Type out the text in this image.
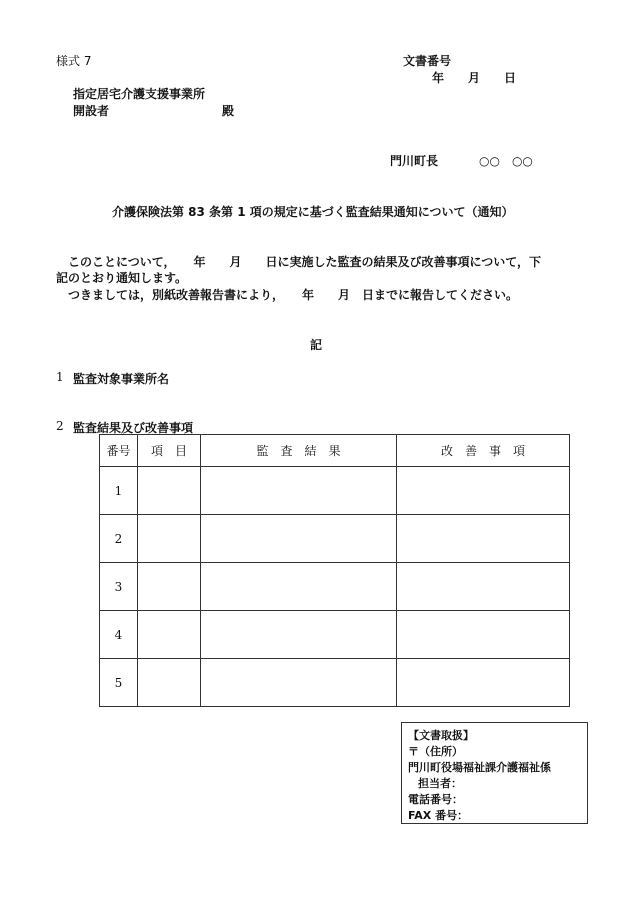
様式 7	文書番号
年　　月　　日
指定居宅介護支援事業所
開設者	殿
門川町長	○○　○○
介護保険法第 83 条第 1 項の規定に基づく監査結果通知について（通知）
このことについて，　　年　　月　　日に実施した監査の結果及び改善事項について，下
記のとおり通知します。
つきましては，別紙改善報告書により，　　年　　月　日までに報告してください。
記
1 監査対象事業所名
2 監査結果及び改善事項
番号	項　目	監　査　結　果	改　善　事　項
1			
2			
3			
4			
5			
【文書取扱】
〒（住所）
門川町役場福祉課介護福祉係
担当者：
電話番号：
FAX 番号：
